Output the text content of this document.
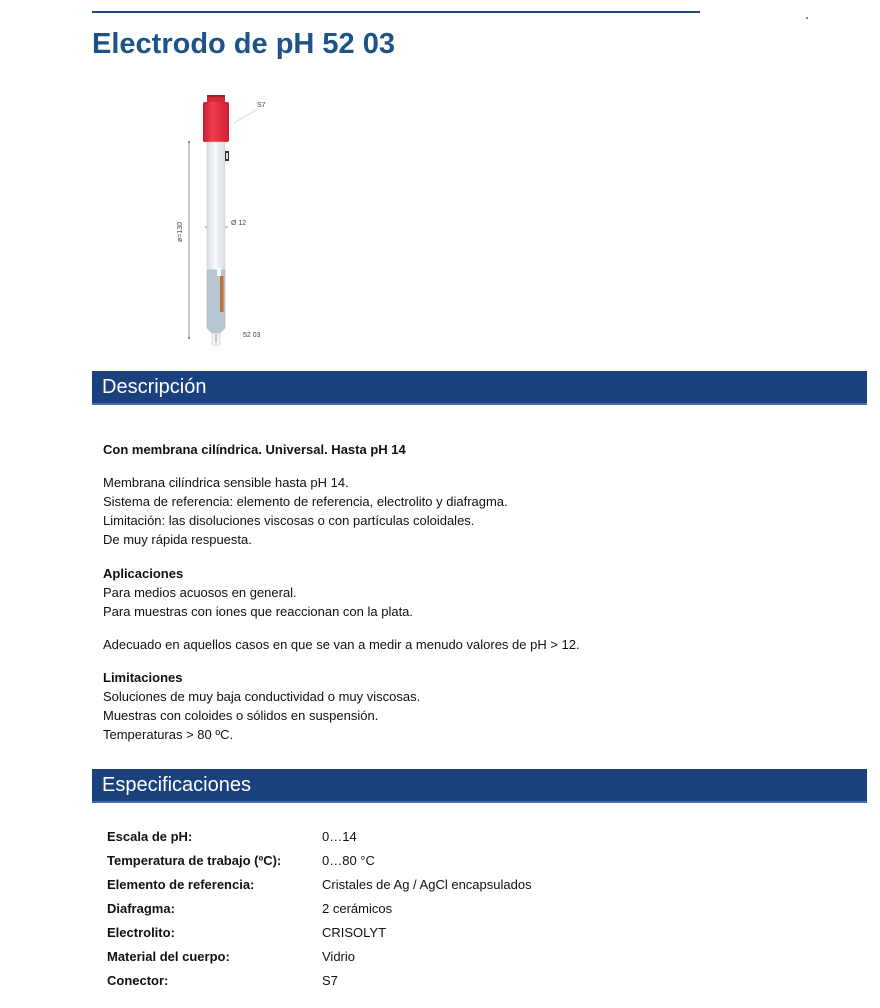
Electrodo de pH 52 03
S7
Ø 12
ø=130
52 03
Descripción
Con membrana cilíndrica. Universal. Hasta pH 14
Membrana cilíndrica sensible hasta pH 14.
Sistema de referencia: elemento de referencia, electrolito y diafragma.
Limitación: las disoluciones viscosas o con partículas coloidales.
De muy rápida respuesta.
Aplicaciones
Para medios acuosos en general.
Para muestras con iones que reaccionan con la plata.
Adecuado en aquellos casos en que se van a medir a menudo valores de pH > 12.
Limitaciones
Soluciones de muy baja conductividad o muy viscosas.
Muestras con coloides o sólidos en suspensión.
Temperaturas > 80 ºC.
Especificaciones
Escala de pH:	0…14
Temperatura de trabajo (ºC):	0…80 °C
Elemento de referencia:	Cristales de Ag / AgCl encapsulados
Diafragma:	2 cerámicos
Electrolito:	CRISOLYT
Material del cuerpo:	Vidrio
Conector:	S7
